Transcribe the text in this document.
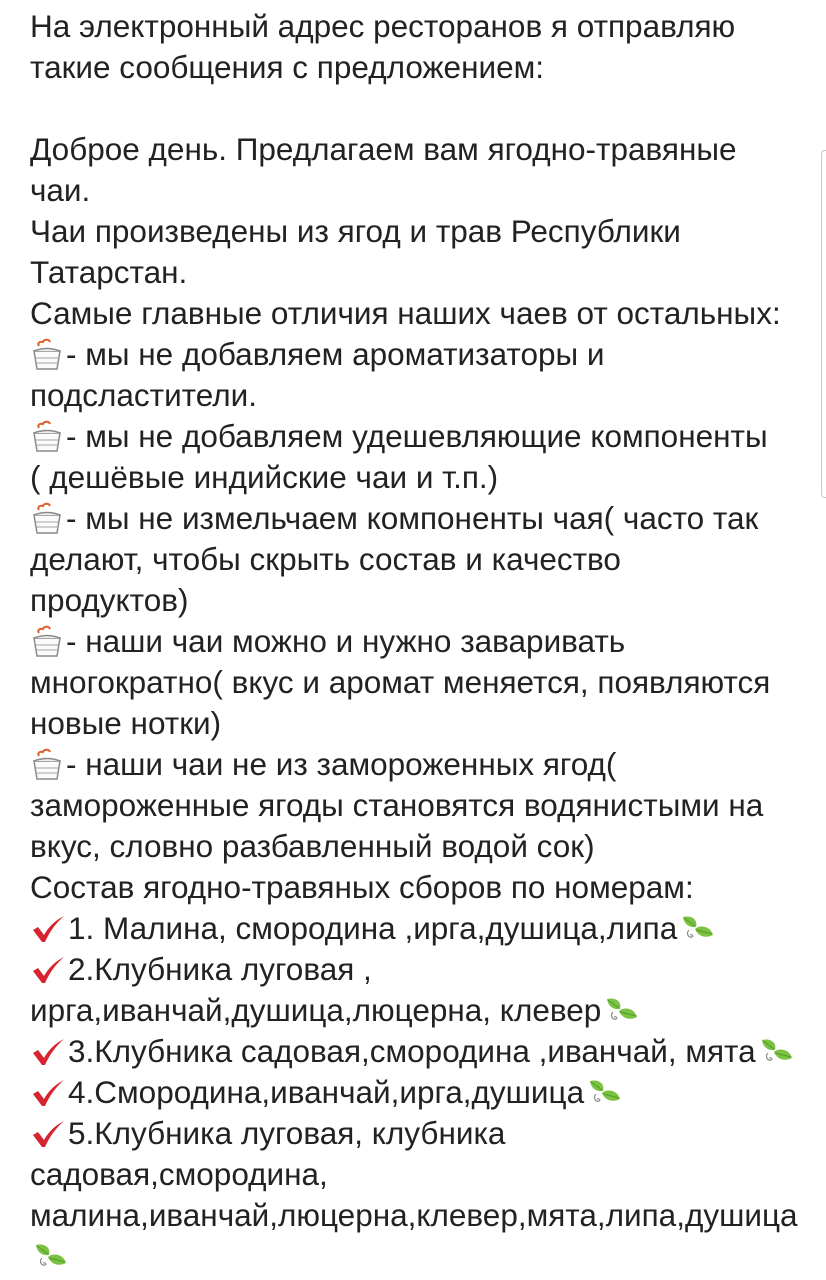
На электронный адрес ресторанов я отправляю
такие сообщения с предложением:
Доброе день. Предлагаем вам ягодно-травяные
чаи.
Чаи произведены из ягод и трав Республики
Татарстан.
Самые главные отличия наших чаев от остальных:
- мы не добавляем ароматизаторы и
подсластители.
- мы не добавляем удешевляющие компоненты
( дешёвые индийские чаи и т.п.)
- мы не измельчаем компоненты чая( часто так
делают, чтобы скрыть состав и качество
продуктов)
- наши чаи можно и нужно заваривать
многократно( вкус и аромат меняется, появляются
новые нотки)
- наши чаи не из замороженных ягод(
замороженные ягоды становятся водянистыми на
вкус, словно разбавленный водой сок)
Состав ягодно-травяных сборов по номерам:
1. Малина, смородина ,ирга,душица,липа
2.Клубника луговая ,
ирга,иванчай,душица,люцерна, клевер
3.Клубника садовая,смородина ,иванчай, мята
4.Смородина,иванчай,ирга,душица
5.Клубника луговая, клубника
садовая,смородина,
малина,иванчай,люцерна,клевер,мята,липа,душица
